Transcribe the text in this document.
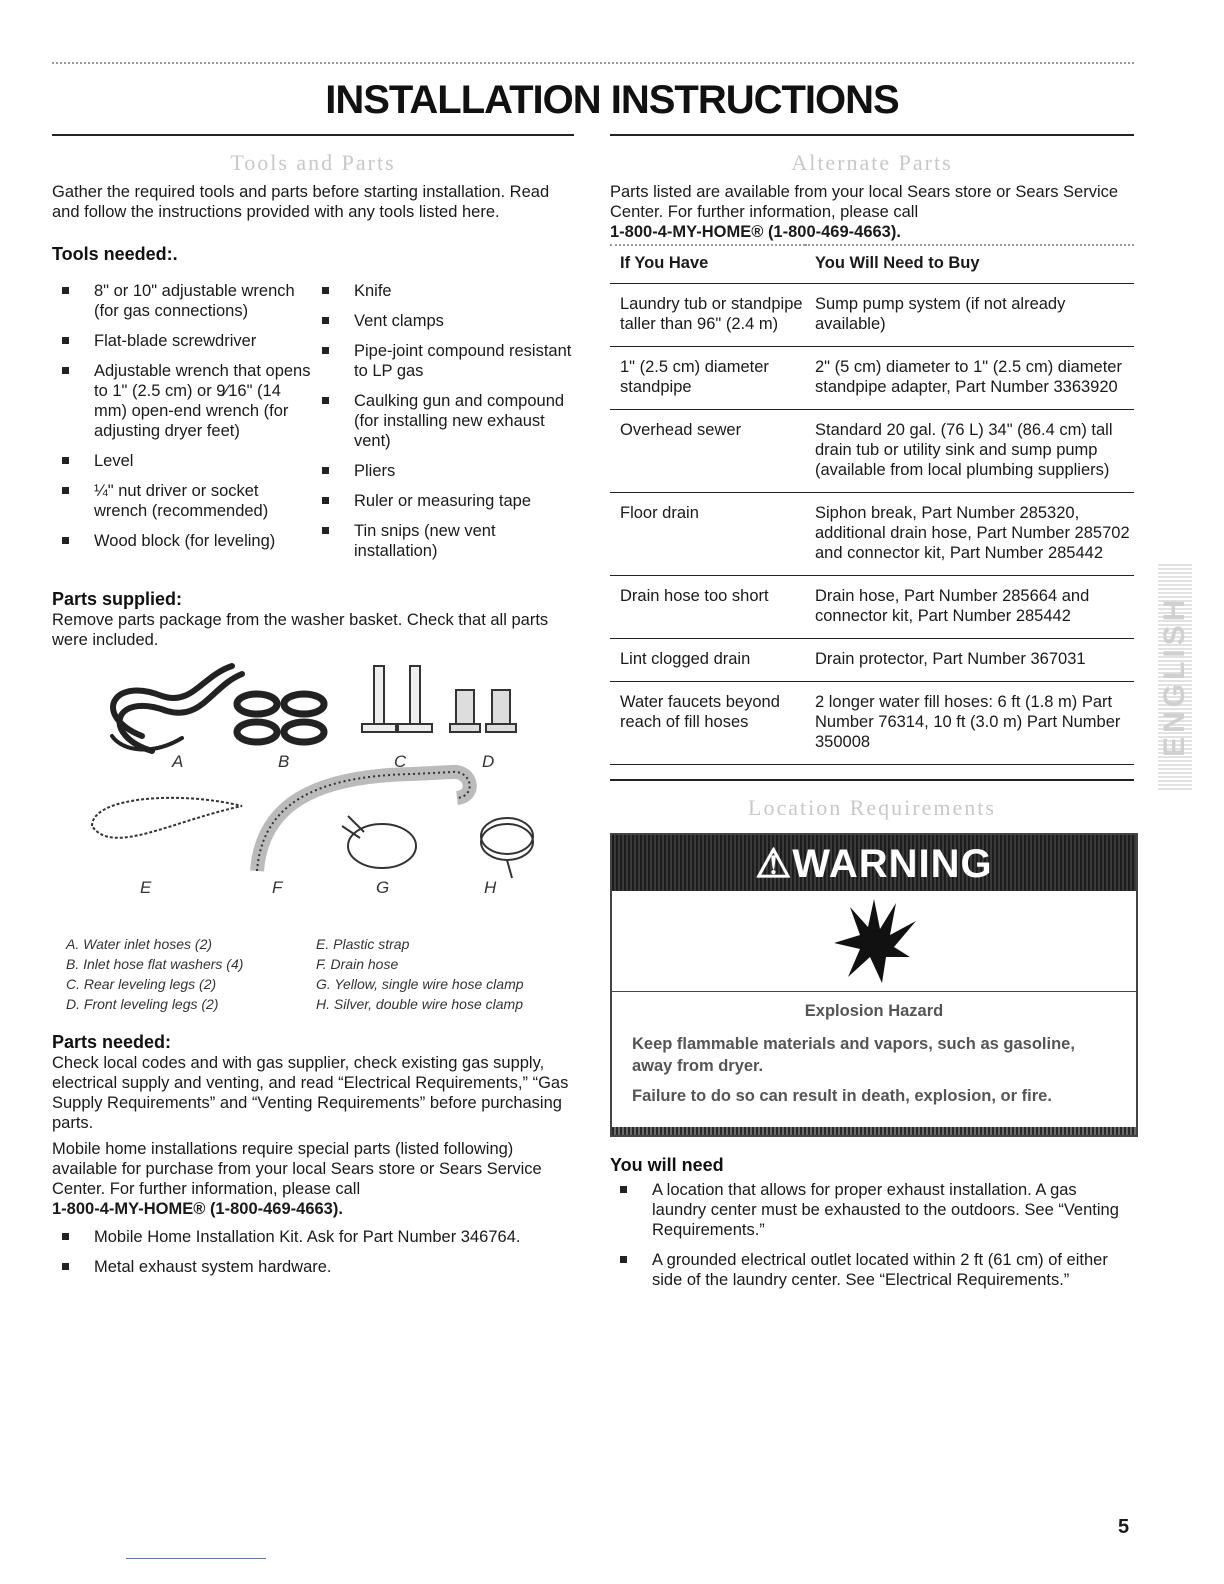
INSTALLATION INSTRUCTIONS
Tools and Parts

Gather the required tools and parts before starting installation. Read and follow the instructions provided with any tools listed here.

Tools needed:.
8" or 10" adjustable wrench (for gas connections)
Flat-blade screwdriver
Adjustable wrench that opens to 1" (2.5 cm) or 9⁄16" (14 mm) open-end wrench (for adjusting dryer feet)
Level
¼" nut driver or socket wrench (recommended)
Wood block (for leveling)
Knife
Vent clamps
Pipe-joint compound resistant to LP gas
Caulking gun and compound (for installing new exhaust vent)
Pliers
Ruler or measuring tape
Tin snips (new vent installation)
Parts supplied:

Remove parts package from the washer basket. Check that all parts were included.

A	B	C	D
E	F	G	H
A. Water inlet hoses (2)
B. Inlet hose flat washers (4)
C. Rear leveling legs (2)
D. Front leveling legs (2)
E. Plastic strap
F. Drain hose
G. Yellow, single wire hose clamp
H. Silver, double wire hose clamp
Parts needed:

Check local codes and with gas supplier, check existing gas supply, electrical supply and venting, and read “Electrical Requirements,” “Gas Supply Requirements” and “Venting Requirements” before purchasing parts.

Mobile home installations require special parts (listed following) available for purchase from your local Sears store or Sears Service Center. For further information, please call

1-800-4-MY-HOME® (1-800-469-4663).

Mobile Home Installation Kit. Ask for Part Number 346764.
Metal exhaust system hardware.
Alternate Parts

Parts listed are available from your local Sears store or Sears Service Center. For further information, please call

1-800-4-MY-HOME® (1-800-469-4663).

If You Have	You Will Need to Buy
Laundry tub or standpipe taller than 96" (2.4 m)	Sump pump system (if not already available)
1" (2.5 cm) diameter standpipe	2" (5 cm) diameter to 1" (2.5 cm) diameter standpipe adapter, Part Number 3363920
Overhead sewer	Standard 20 gal. (76 L) 34" (86.4 cm) tall drain tub or utility sink and sump pump (available from local plumbing suppliers)
Floor drain	Siphon break, Part Number 285320, additional drain hose, Part Number 285702 and connector kit, Part Number 285442
Drain hose too short	Drain hose, Part Number 285664 and connector kit, Part Number 285442
Lint clogged drain	Drain protector, Part Number 367031
Water faucets beyond reach of fill hoses	2 longer water fill hoses: 6 ft (1.8 m) Part Number 76314, 10 ft (3.0 m) Part Number 350008
Location Requirements
⚠WARNING
Explosion Hazard
Keep flammable materials and vapors, such as gasoline, away from dryer.
Failure to do so can result in death, explosion, or fire.
You will need
A location that allows for proper exhaust installation. A gas laundry center must be exhausted to the outdoors. See “Venting Requirements.”
A grounded electrical outlet located within 2 ft (61 cm) of either side of the laundry center. See “Electrical Requirements.”
ENGLISH
5
